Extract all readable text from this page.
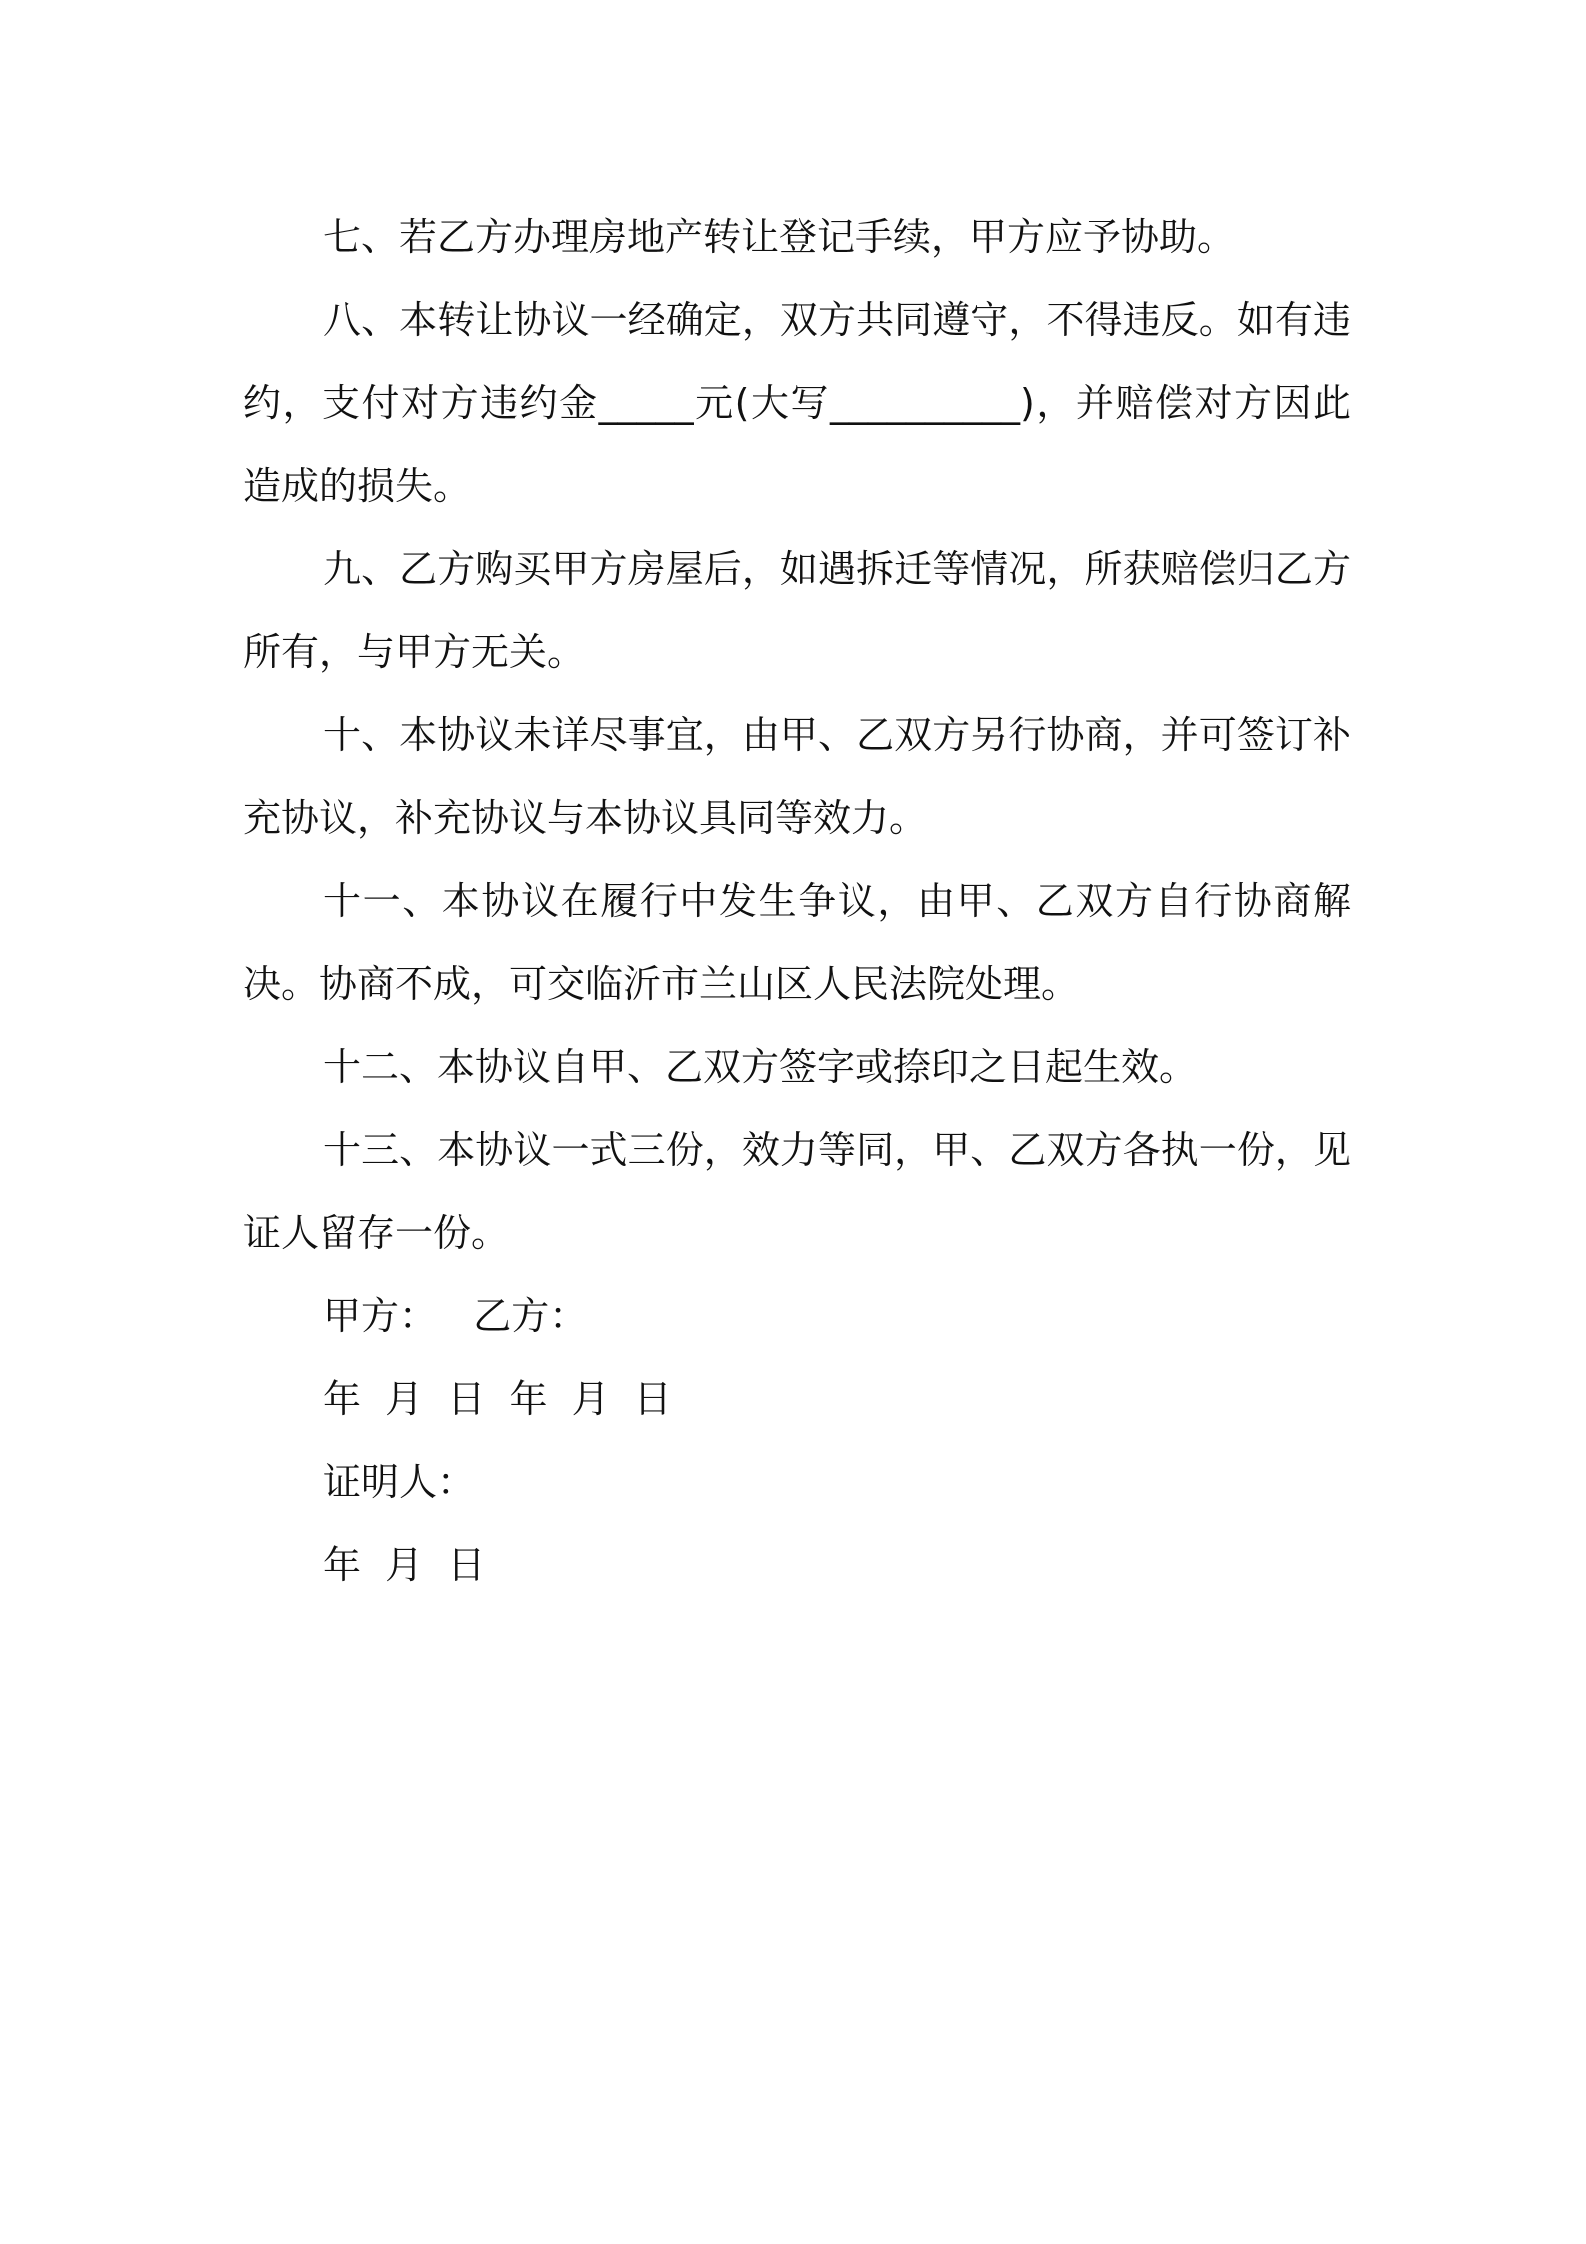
七、若乙方办理房地产转让登记手续，甲方应予协助。

八、本转让协议一经确定，双方共同遵守，不得违反。如有违约，支付对方违约金_____元(大写__________)，并赔偿对方因此造成的损失。

九、乙方购买甲方房屋后，如遇拆迁等情况，所获赔偿归乙方所有，与甲方无关。

十、本协议未详尽事宜，由甲、乙双方另行协商，并可签订补充协议，补充协议与本协议具同等效力。

十一、本协议在履行中发生争议，由甲、乙双方自行协商解决。协商不成，可交临沂市兰山区人民法院处理。

十二、本协议自甲、乙双方签字或捺印之日起生效。

十三、本协议一式三份，效力等同，甲、乙双方各执一份，见证人留存一份。

甲方：   乙方：

年  月  日  年  月  日

证明人：

年  月  日
